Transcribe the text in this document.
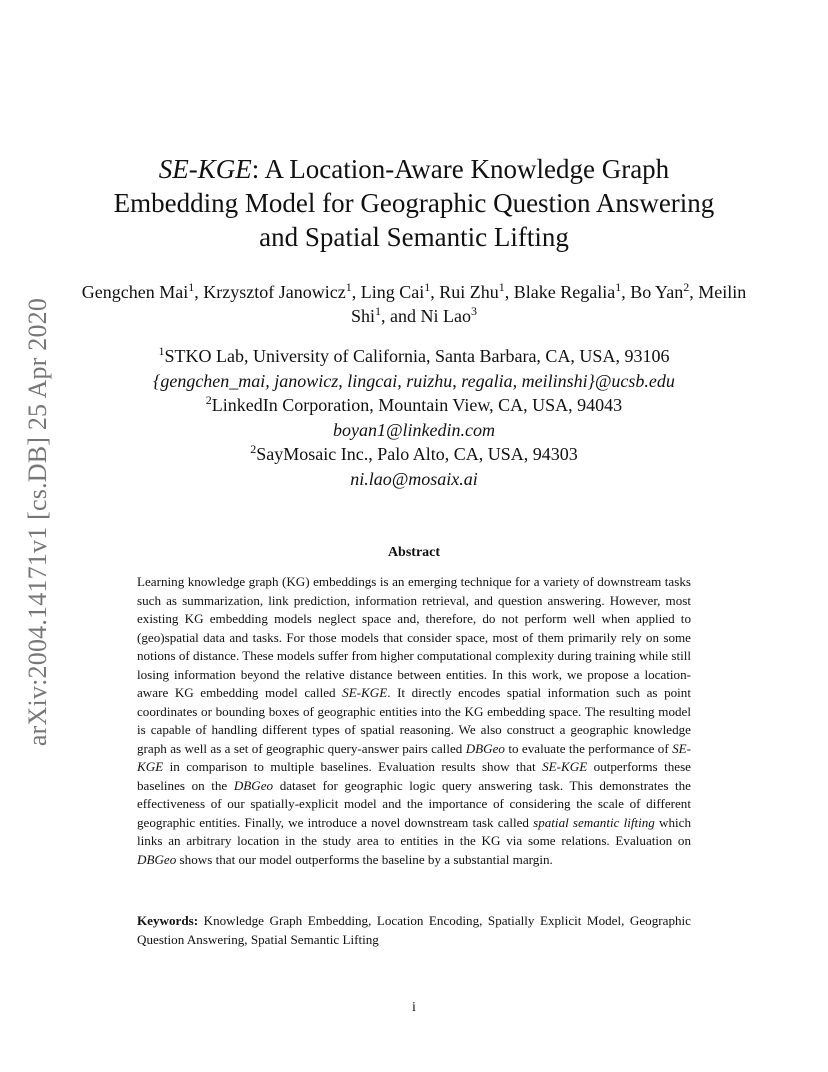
arXiv:2004.14171v1 [cs.DB] 25 Apr 2020
SE-KGE: A Location-Aware Knowledge Graph
Embedding Model for Geographic Question Answering
and Spatial Semantic Lifting
Gengchen Mai$^1$, Krzysztof Janowicz$^1$, Ling Cai$^1$, Rui Zhu$^1$, Blake Regalia$^1$, Bo Yan$^2$, Meilin Shi$^1$, and Ni Lao$^3$
$^1$STKO Lab, University of California, Santa Barbara, CA, USA, 93106
{gengchen_mai, janowicz, lingcai, ruizhu, regalia, meilinshi}@ucsb.edu
$^2$LinkedIn Corporation, Mountain View, CA, USA, 94043
boyan1@linkedin.com
$^2$SayMosaic Inc., Palo Alto, CA, USA, 94303
ni.lao@mosaix.ai
Abstract

Learning knowledge graph (KG) embeddings is an emerging technique for a variety of downstream tasks such as summarization, link prediction, information retrieval, and question answering. However, most existing KG embedding models neglect space and, therefore, do not perform well when applied to (geo)spatial data and tasks. For those models that consider space, most of them primarily rely on some notions of distance. These models suffer from higher computational complexity during training while still losing information beyond the relative distance between entities. In this work, we propose a location-aware KG embedding model called SE-KGE. It directly encodes spatial information such as point coordinates or bounding boxes of geographic entities into the KG embedding space. The resulting model is capable of handling different types of spatial reasoning. We also construct a geographic knowledge graph as well as a set of geographic query-answer pairs called DBGeo to evaluate the performance of SE-KGE in comparison to multiple baselines. Evaluation results show that SE-KGE outperforms these baselines on the DBGeo dataset for geographic logic query answering task. This demonstrates the effectiveness of our spatially-explicit model and the importance of considering the scale of different geographic entities. Finally, we introduce a novel downstream task called spatial semantic lifting which links an arbitrary location in the study area to entities in the KG via some relations. Evaluation on DBGeo shows that our model outperforms the baseline by a substantial margin.

Keywords: Knowledge Graph Embedding, Location Encoding, Spatially Explicit Model, Geographic Question Answering, Spatial Semantic Lifting
i
